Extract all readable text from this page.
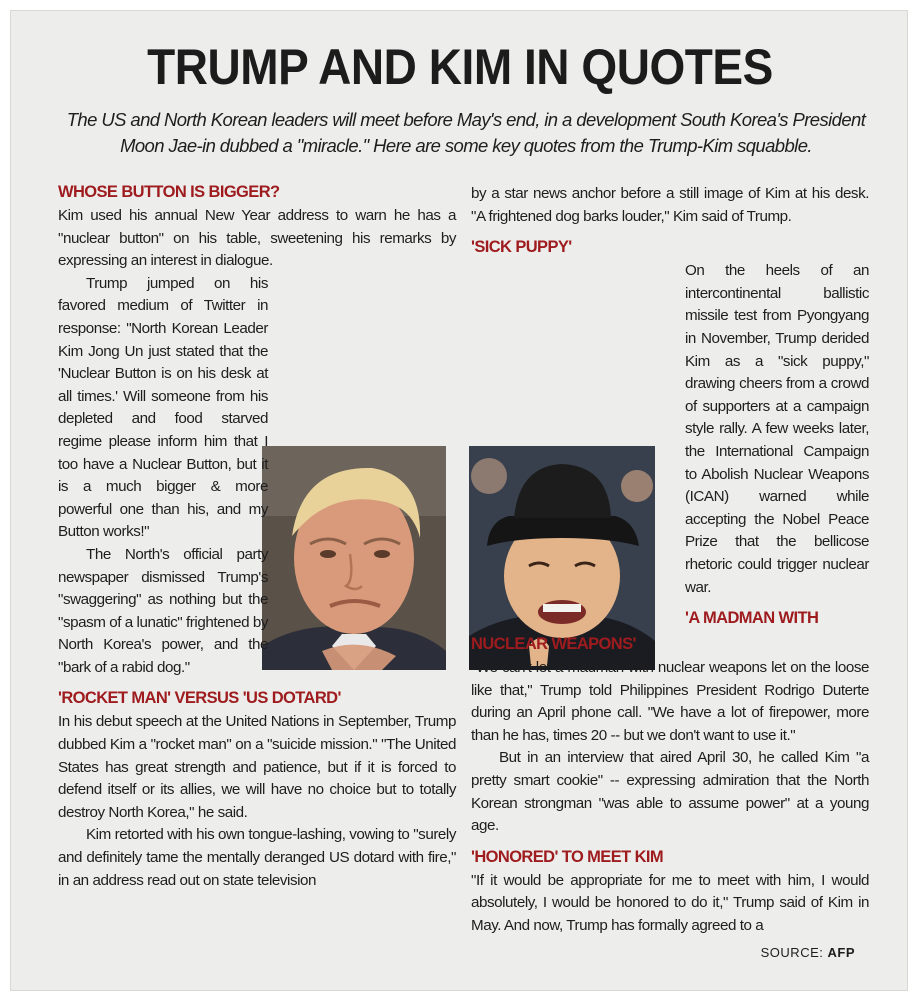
TRUMP AND KIM IN QUOTES
The US and North Korean leaders will meet before May's end, in a development South Korea's President Moon Jae-in dubbed a "miracle." Here are some key quotes from the Trump-Kim squabble.
WHOSE BUTTON IS BIGGER?

Kim used his annual New Year address to warn he has a "nuclear button" on his table, sweetening his remarks by expressing an interest in dialogue.

Trump jumped on his favored medium of Twitter in response: "North Korean Leader Kim Jong Un just stated that the 'Nuclear Button is on his desk at all times.' Will someone from his depleted and food starved regime please inform him that I too have a Nuclear Button, but it is a much bigger & more powerful one than his, and my Button works!"

The North's official party newspaper dismissed Trump's "swaggering" as nothing but the "spasm of a lunatic" frightened by North Korea's power, and the "bark of a rabid dog."

'ROCKET MAN' VERSUS 'US DOTARD'

In his debut speech at the United Nations in September, Trump dubbed Kim a "rocket man" on a "suicide mission." "The United States has great strength and patience, but if it is forced to defend itself or its allies, we will have no choice but to totally destroy North Korea," he said.

Kim retorted with his own tongue-lashing, vowing to "surely and definitely tame the mentally deranged US dotard with fire," in an address read out on state television

by a star news anchor before a still image of Kim at his desk. "A frightened dog barks louder," Kim said of Trump.

'SICK PUPPY'

On the heels of an intercontinental ballistic missile test from Pyongyang in November, Trump derided Kim as a "sick puppy," drawing cheers from a crowd of supporters at a campaign style rally. A few weeks later, the International Campaign to Abolish Nuclear Weapons (ICAN) warned while accepting the Nobel Peace Prize that the bellicose rhetoric could trigger nuclear war.

'A MADMAN WITH NUCLEAR WEAPONS'

"We can't let a madman with nuclear weapons let on the loose like that," Trump told Philippines President Rodrigo Duterte during an April phone call. "We have a lot of firepower, more than he has, times 20 -- but we don't want to use it."

But in an interview that aired April 30, he called Kim "a pretty smart cookie" -- expressing admiration that the North Korean strongman "was able to assume power" at a young age.

'HONORED' TO MEET KIM

"If it would be appropriate for me to meet with him, I would absolutely, I would be honored to do it," Trump said of Kim in May. And now, Trump has formally agreed to a

SOURCE: AFP
